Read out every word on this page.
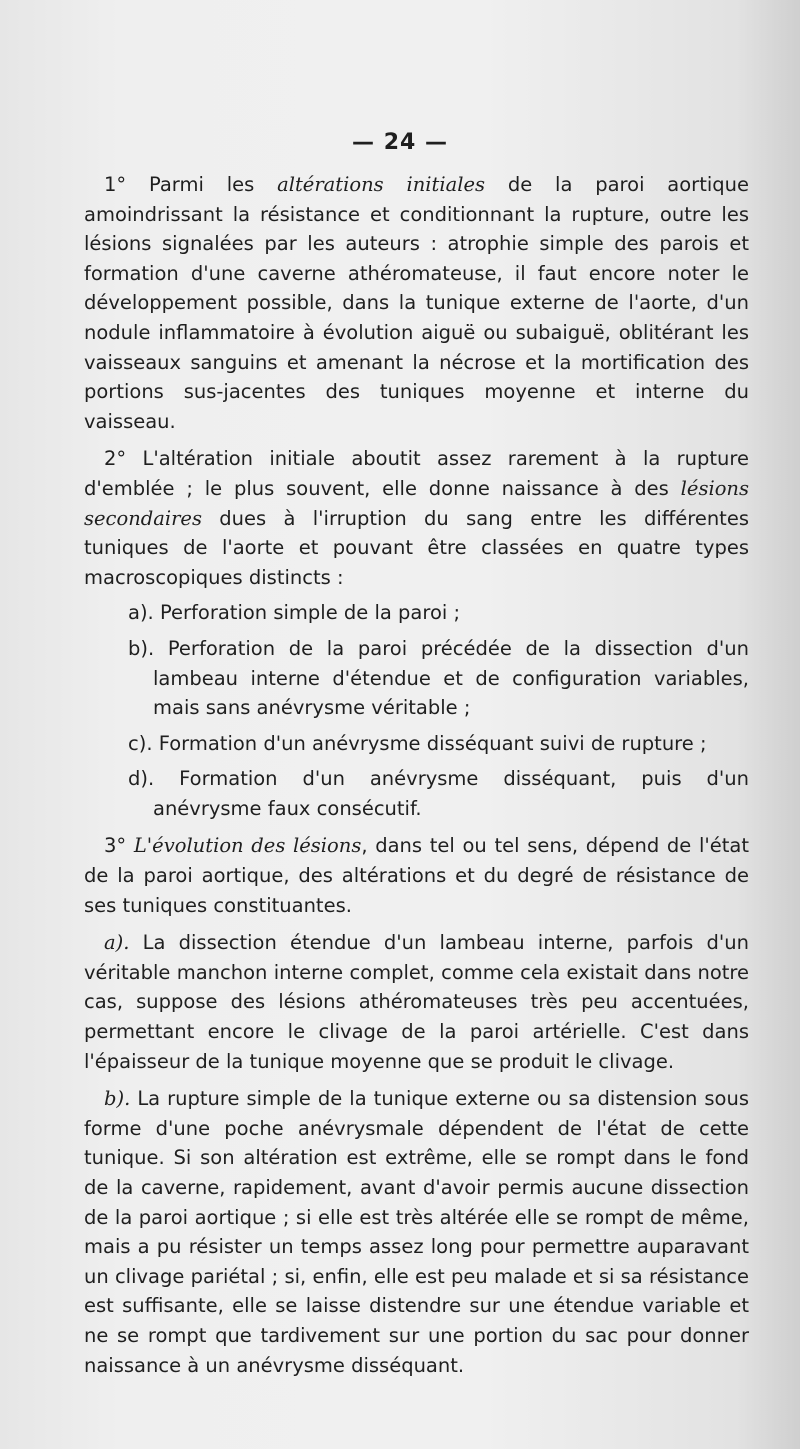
— 24 —

1° Parmi les altérations initiales de la paroi aortique amoindrissant la résistance et conditionnant la rupture, outre les lésions signalées par les auteurs : atrophie simple des parois et formation d'une caverne athéromateuse, il faut encore noter le développement possible, dans la tunique externe de l'aorte, d'un nodule inflammatoire à évolution aiguë ou subaiguë, oblitérant les vaisseaux sanguins et amenant la nécrose et la mortification des portions sus-jacentes des tuniques moyenne et interne du vaisseau.

2° L'altération initiale aboutit assez rarement à la rupture d'emblée ; le plus souvent, elle donne naissance à des lésions secondaires dues à l'irruption du sang entre les différentes tuniques de l'aorte et pouvant être classées en quatre types macroscopiques distincts :

a). Perforation simple de la paroi ;

b). Perforation de la paroi précédée de la dissection d'un lambeau interne d'étendue et de configuration variables, mais sans anévrysme véritable ;

c). Formation d'un anévrysme disséquant suivi de rupture ;

d). Formation d'un anévrysme disséquant, puis d'un anévrysme faux consécutif.

3° L'évolution des lésions, dans tel ou tel sens, dépend de l'état de la paroi aortique, des altérations et du degré de résistance de ses tuniques constituantes.

a). La dissection étendue d'un lambeau interne, parfois d'un véritable manchon interne complet, comme cela existait dans notre cas, suppose des lésions athéromateuses très peu accentuées, permettant encore le clivage de la paroi artérielle. C'est dans l'épaisseur de la tunique moyenne que se produit le clivage.

b). La rupture simple de la tunique externe ou sa distension sous forme d'une poche anévrysmale dépendent de l'état de cette tunique. Si son altération est extrême, elle se rompt dans le fond de la caverne, rapidement, avant d'avoir permis aucune dissection de la paroi aortique ; si elle est très altérée elle se rompt de même, mais a pu résister un temps assez long pour permettre auparavant un clivage pariétal ; si, enfin, elle est peu malade et si sa résistance est suffisante, elle se laisse distendre sur une étendue variable et ne se rompt que tardivement sur une portion du sac pour donner naissance à un anévrysme disséquant.
